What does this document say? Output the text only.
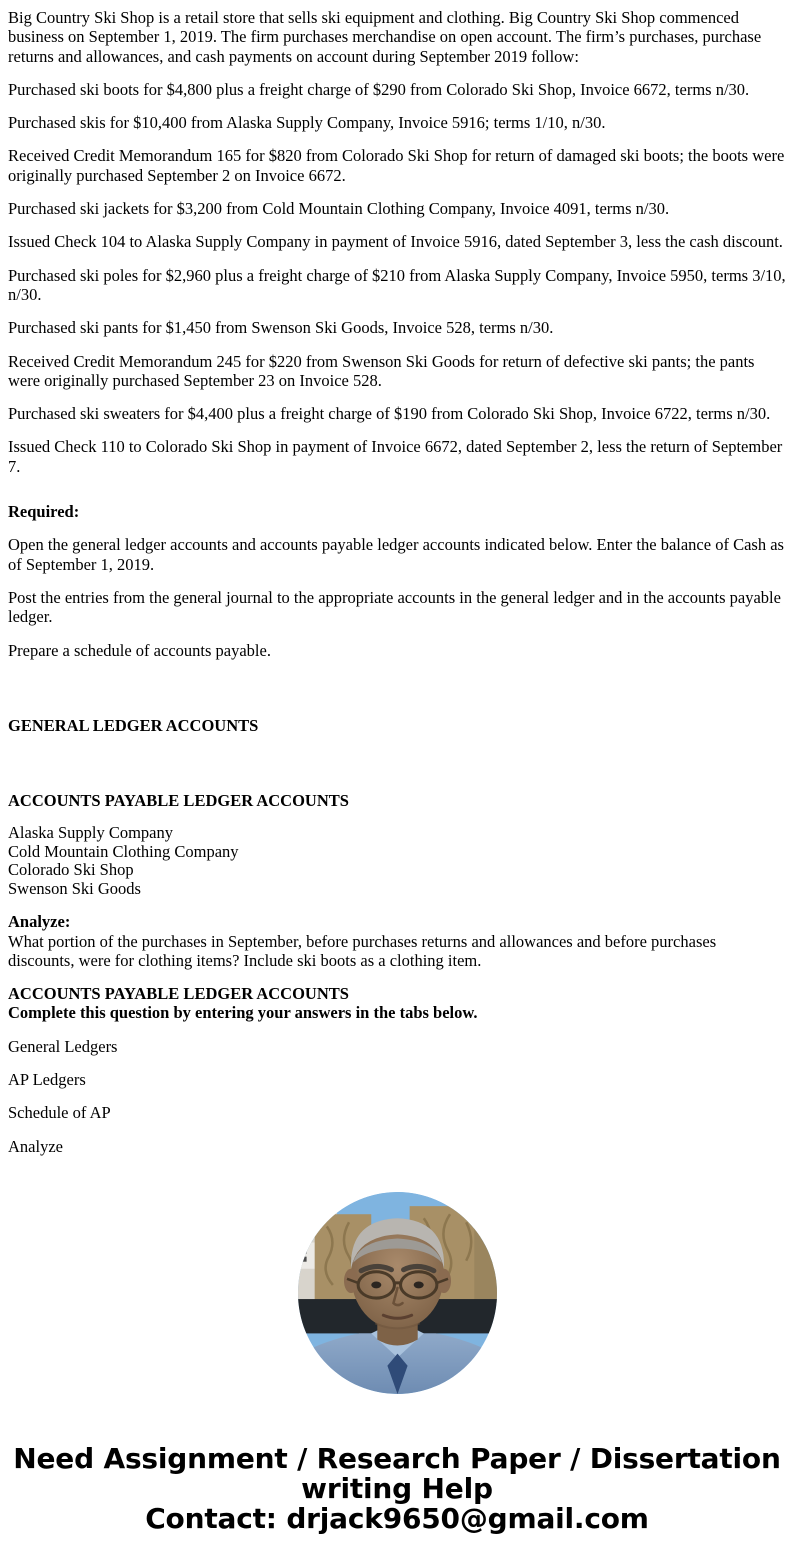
Big Country Ski Shop is a retail store that sells ski equipment and clothing. Big Country Ski Shop commenced business on September 1, 2019. The firm purchases merchandise on open account. The firm’s purchases, purchase returns and allowances, and cash payments on account during September 2019 follow:

Purchased ski boots for $4,800 plus a freight charge of $290 from Colorado Ski Shop, Invoice 6672, terms n/30.

Purchased skis for $10,400 from Alaska Supply Company, Invoice 5916; terms 1/10, n/30.

Received Credit Memorandum 165 for $820 from Colorado Ski Shop for return of damaged ski boots; the boots were originally purchased September 2 on Invoice 6672.

Purchased ski jackets for $3,200 from Cold Mountain Clothing Company, Invoice 4091, terms n/30.

Issued Check 104 to Alaska Supply Company in payment of Invoice 5916, dated September 3, less the cash discount.

Purchased ski poles for $2,960 plus a freight charge of $210 from Alaska Supply Company, Invoice 5950, terms 3/10, n/30.

Purchased ski pants for $1,450 from Swenson Ski Goods, Invoice 528, terms n/30.

Received Credit Memorandum 245 for $220 from Swenson Ski Goods for return of defective ski pants; the pants were originally purchased September 23 on Invoice 528.

Purchased ski sweaters for $4,400 plus a freight charge of $190 from Colorado Ski Shop, Invoice 6722, terms n/30.

Issued Check 110 to Colorado Ski Shop in payment of Invoice 6672, dated September 2, less the return of September 7.

Required:

Open the general ledger accounts and accounts payable ledger accounts indicated below. Enter the balance of Cash as of September 1, 2019.

Post the entries from the general journal to the appropriate accounts in the general ledger and in the accounts payable ledger.

Prepare a schedule of accounts payable.

GENERAL LEDGER ACCOUNTS
ACCOUNTS PAYABLE LEDGER ACCOUNTS
Alaska Supply Company
Cold Mountain Clothing Company
Colorado Ski Shop
Swenson Ski Goods
Analyze:
What portion of the purchases in September, before purchases returns and allowances and before purchases discounts, were for clothing items? Include ski boots as a clothing item.
ACCOUNTS PAYABLE LEDGER ACCOUNTS
Complete this question by entering your answers in the tabs below.
General Ledgers
AP Ledgers
Schedule of AP
Analyze
Need Assignment / Research Paper / Dissertation
writing Help
Contact: drjack9650@gmail.com
